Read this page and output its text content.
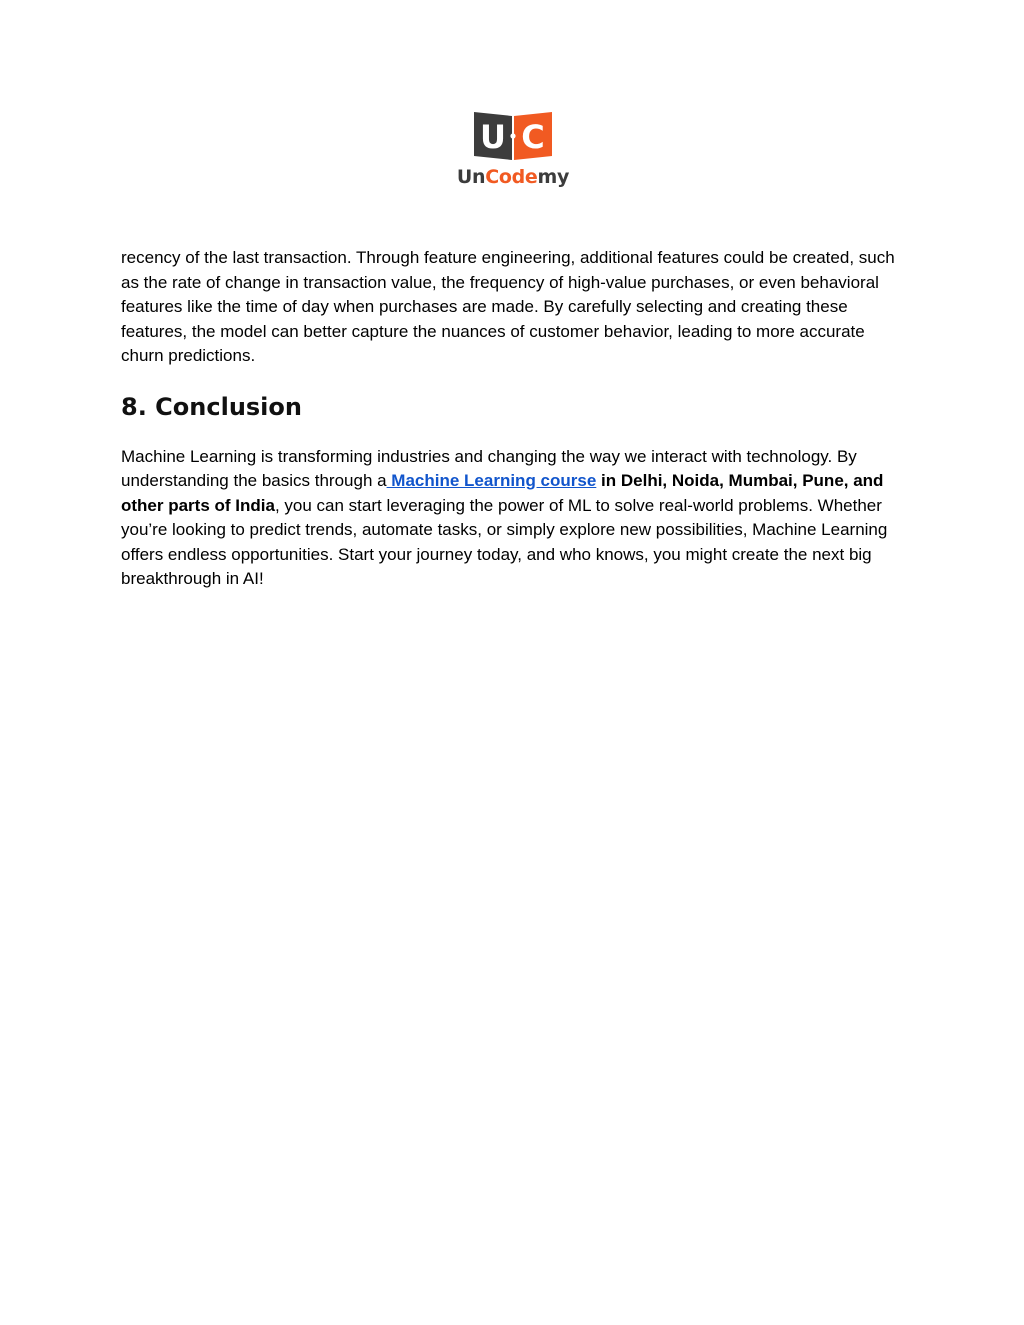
U C
UnCodemy

recency of the last transaction. Through feature engineering, additional features could be created, such as the rate of change in transaction value, the frequency of high-value purchases, or even behavioral features like the time of day when purchases are made. By carefully selecting and creating these features, the model can better capture the nuances of customer behavior, leading to more accurate churn predictions.

8. Conclusion

Machine Learning is transforming industries and changing the way we interact with technology. By understanding the basics through a Machine Learning course in Delhi, Noida, Mumbai, Pune, and other parts of India, you can start leveraging the power of ML to solve real-world problems. Whether you’re looking to predict trends, automate tasks, or simply explore new possibilities, Machine Learning offers endless opportunities. Start your journey today, and who knows, you might create the next big breakthrough in AI!
